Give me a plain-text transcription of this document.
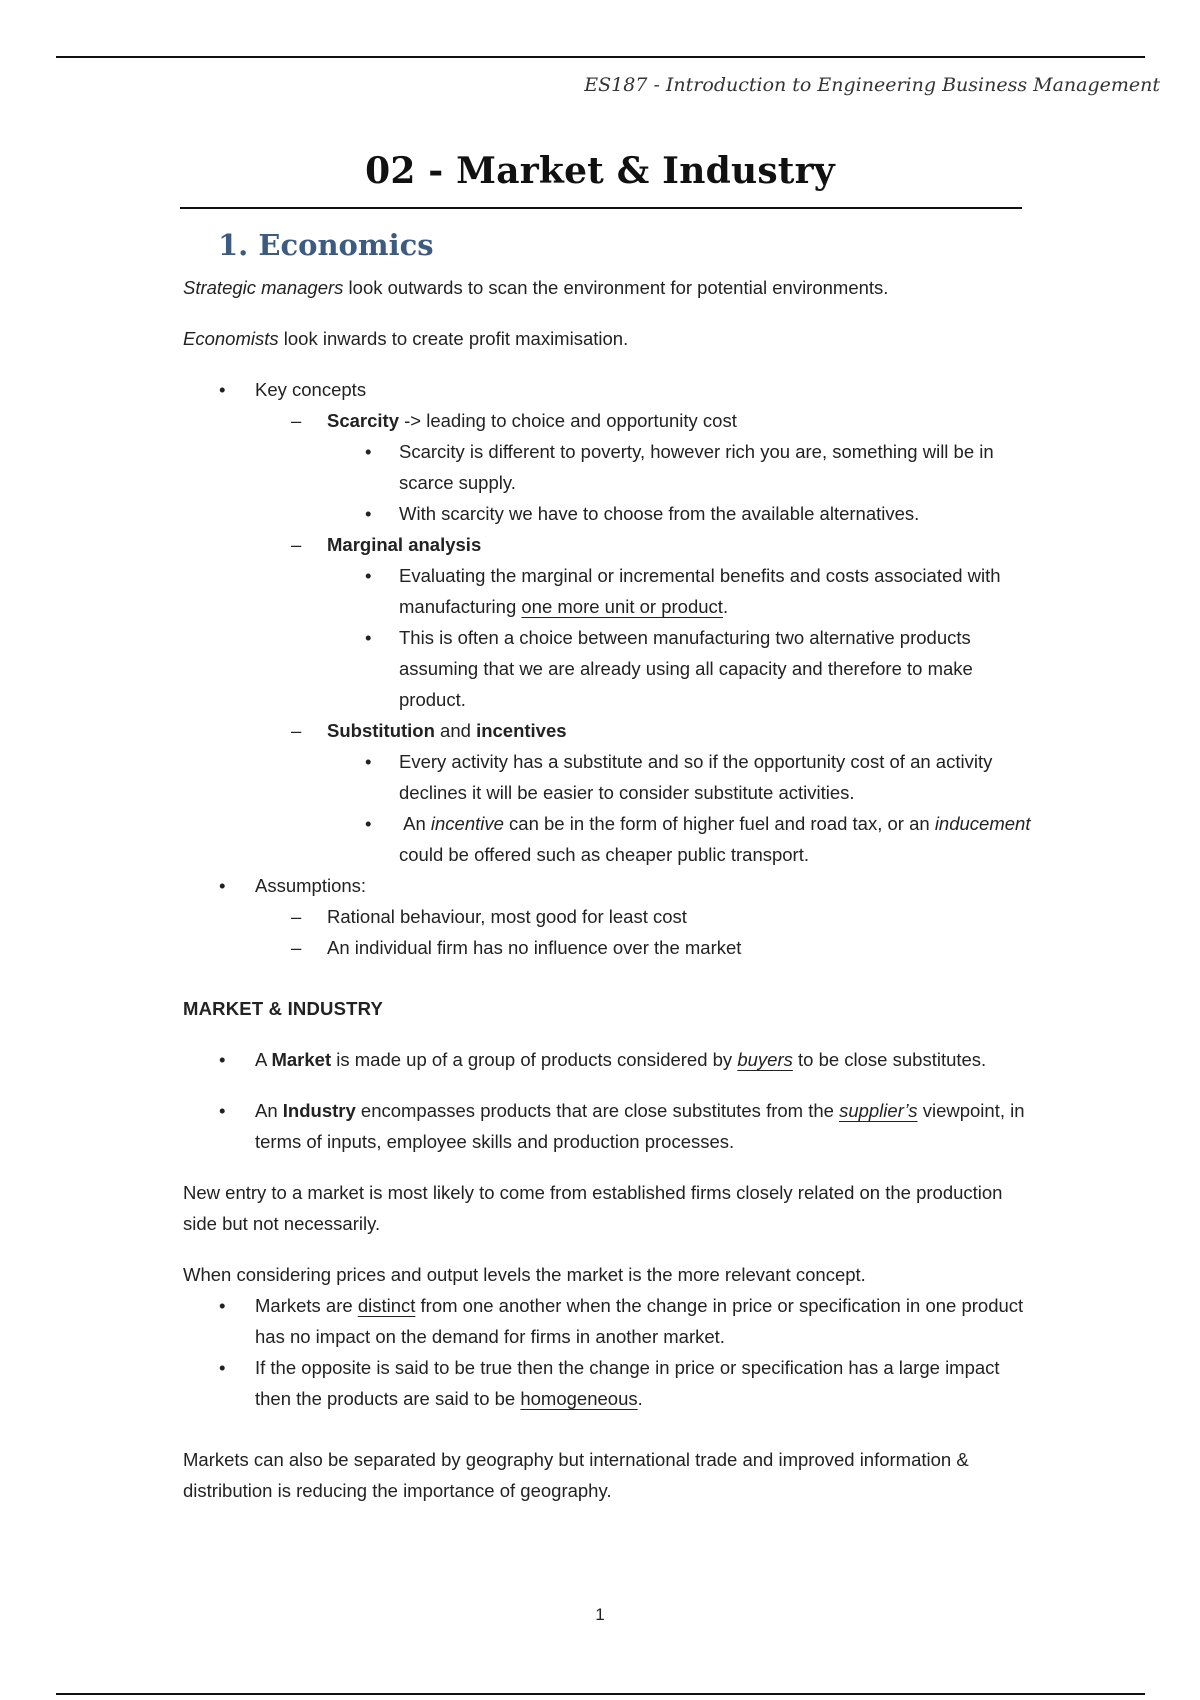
ES187 - Introduction to Engineering Business Management
02 - Market & Industry
1. Economics

Strategic managers look outwards to scan the environment for potential environments.

Economists look inwards to create profit maximisation.

• Key concepts
– Scarcity -> leading to choice and opportunity cost
• Scarcity is different to poverty, however rich you are, something will be in scarce supply.
• With scarcity we have to choose from the available alternatives.
– Marginal analysis
• Evaluating the marginal or incremental benefits and costs associated with manufacturing one more unit or product.
• This is often a choice between manufacturing two alternative products assuming that we are already using all capacity and therefore to make product.
– Substitution and incentives
• Every activity has a substitute and so if the opportunity cost of an activity declines it will be easier to consider substitute activities.
• An incentive can be in the form of higher fuel and road tax, or an inducement could be offered such as cheaper public transport.
• Assumptions:
– Rational behaviour, most good for least cost
– An individual firm has no influence over the market

MARKET & INDUSTRY

• A Market is made up of a group of products considered by buyers to be close substitutes.
• An Industry encompasses products that are close substitutes from the supplier’s viewpoint, in terms of inputs, employee skills and production processes.

New entry to a market is most likely to come from established firms closely related on the production side but not necessarily.

When considering prices and output levels the market is the more relevant concept.

• Markets are distinct from one another when the change in price or specification in one product has no impact on the demand for firms in another market.
• If the opposite is said to be true then the change in price or specification has a large impact then the products are said to be homogeneous.

Markets can also be separated by geography but international trade and improved information & distribution is reducing the importance of geography.

1
